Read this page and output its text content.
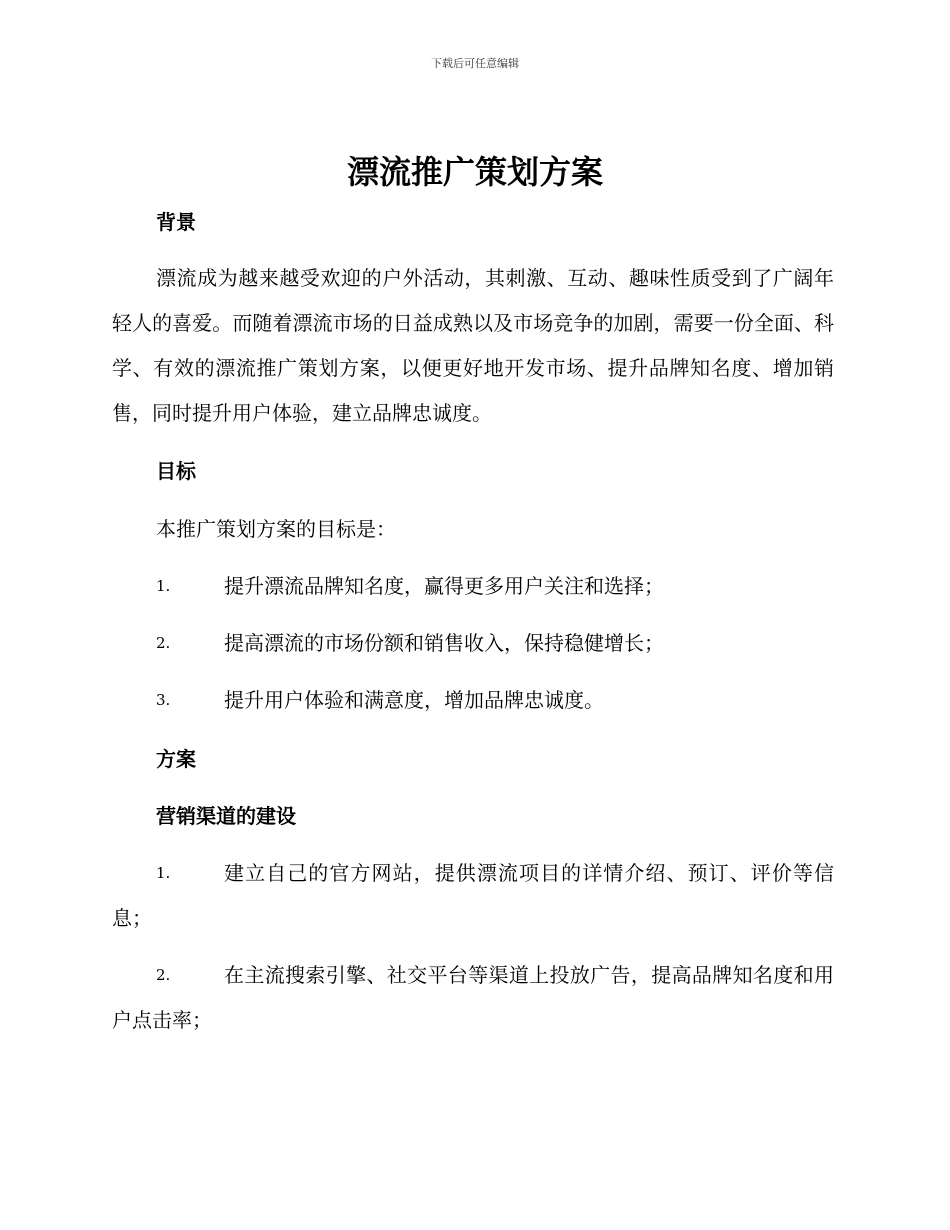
下载后可任意编辑
漂流推广策划方案
背景
漂流成为越来越受欢迎的户外活动，其刺激、互动、趣味性质受到了广阔年轻人的喜爱。而随着漂流市场的日益成熟以及市场竞争的加剧，需要一份全面、科学、有效的漂流推广策划方案，以便更好地开发市场、提升品牌知名度、增加销售，同时提升用户体验，建立品牌忠诚度。
目标
本推广策划方案的目标是：
1.	提升漂流品牌知名度，赢得更多用户关注和选择；
2.	提高漂流的市场份额和销售收入，保持稳健增长；
3.	提升用户体验和满意度，增加品牌忠诚度。
方案
营销渠道的建设
1.	建立自己的官方网站，提供漂流项目的详情介绍、预订、评价等信息；
2.	在主流搜索引擎、社交平台等渠道上投放广告，提高品牌知名度和用户点击率；
